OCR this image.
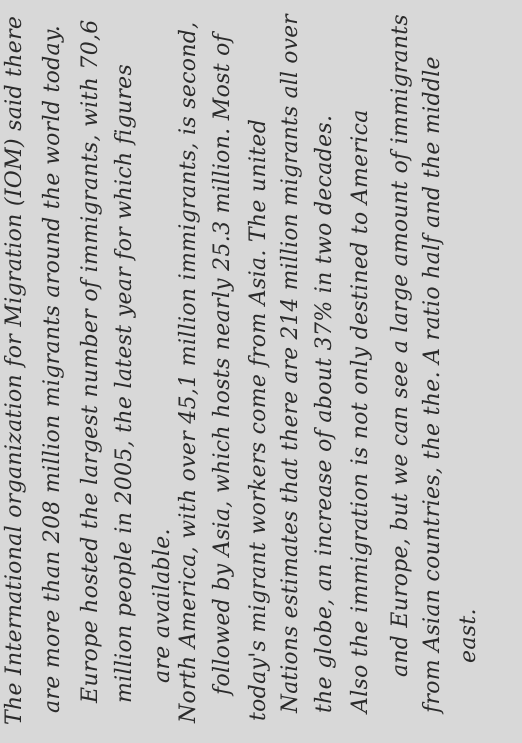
The International organization for Migration (IOM) said there are more than 208 million migrants around the world today. Europe hosted the largest number of immigrants, with 70,6 million people in 2005, the latest year for which figures are available. North America, with over 45,1 million immigrants, is second, followed by Asia, which hosts nearly 25.3 million. Most of today's migrant workers come from Asia. The united Nations estimates that there are 214 million migrants all over the globe, an increase of about 37% in two decades. Also the immigration is not only destined to America and Europe, but we can see a large amount of immigrants from Asian countries, the the. A ratio half and the middle east.
